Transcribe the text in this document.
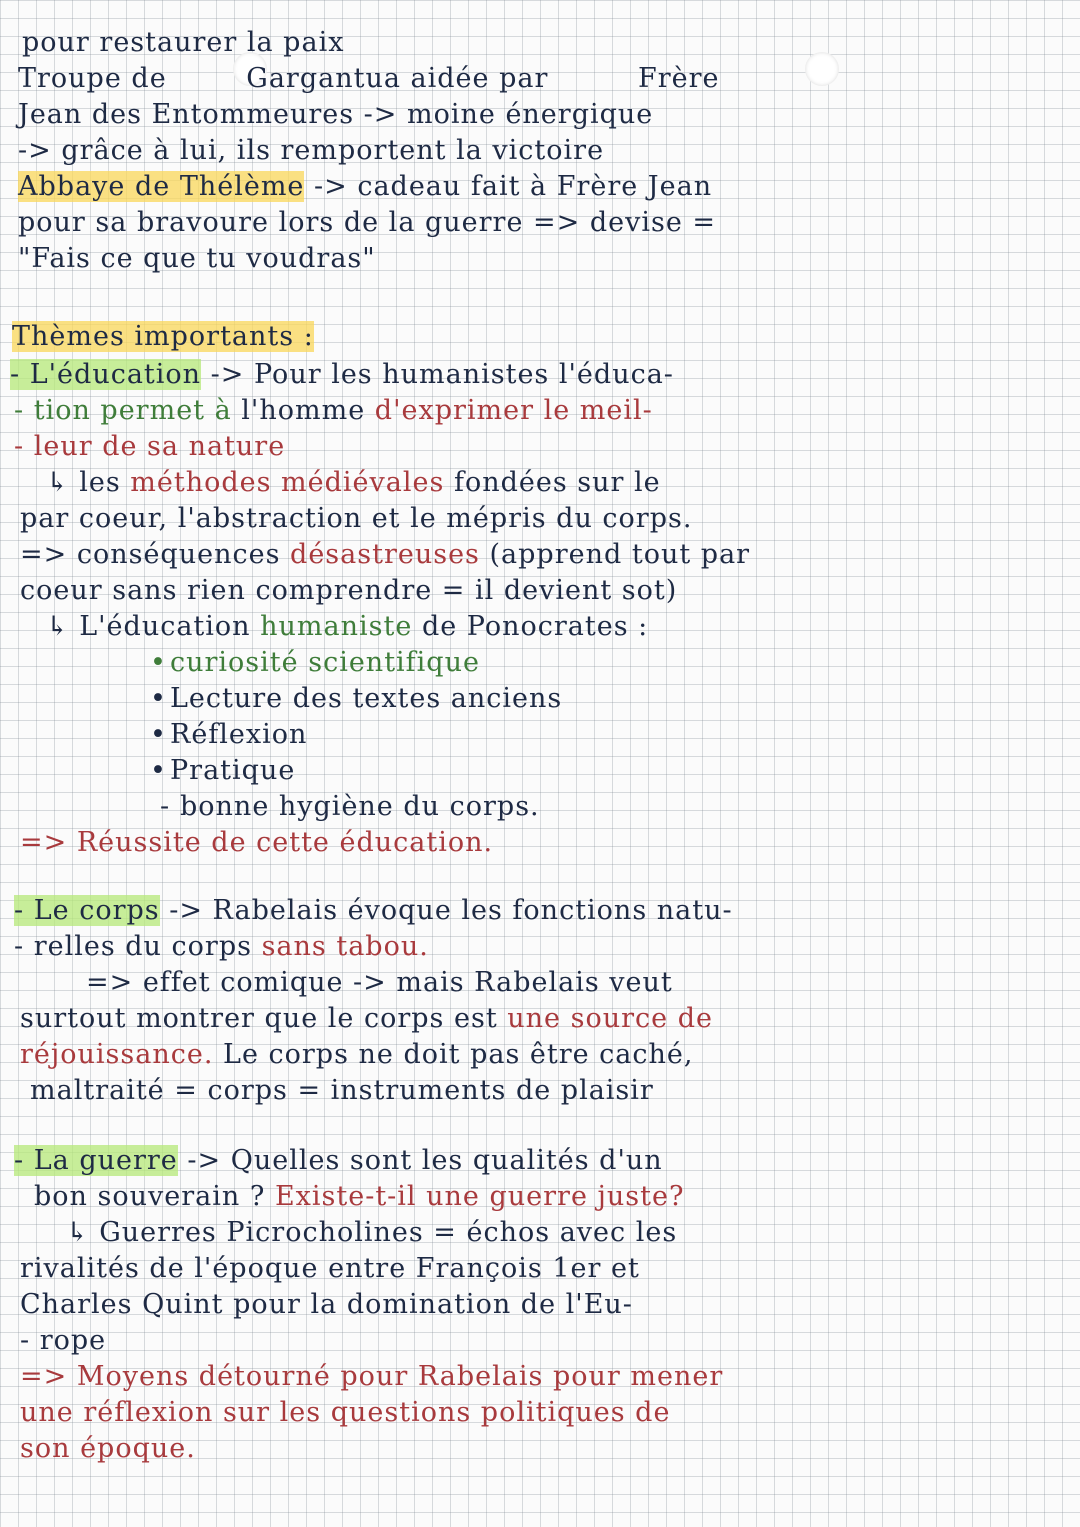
pour restaurer la paix
Troupe de	Gargantua aidée par	Frère
Jean des Entommeures -> moine énergique
-> grâce à lui, ils remportent la victoire
Abbaye de Thélème -> cadeau fait à Frère Jean
pour sa bravoure lors de la guerre => devise =
"Fais ce que tu voudras"
Thèmes importants :
- L'éducation -> Pour les humanistes l'éduca-
- tion permet à l'homme d'exprimer le meil-
- leur de sa nature
↳ les méthodes médiévales fondées sur le
par coeur, l'abstraction et le mépris du corps.
=> conséquences désastreuses (apprend tout par
coeur sans rien comprendre = il devient sot)
↳ L'éducation humaniste de Ponocrates :
• curiosité scientifique
• Lecture des textes anciens
• Réflexion
• Pratique
- bonne hygiène du corps.
=> Réussite de cette éducation.
- Le corps -> Rabelais évoque les fonctions natu-
- relles du corps sans tabou.
=> effet comique -> mais Rabelais veut
surtout montrer que le corps est une source de
réjouissance. Le corps ne doit pas être caché,
maltraité = corps = instruments de plaisir
- La guerre -> Quelles sont les qualités d'un
bon souverain ? Existe-t-il une guerre juste?
↳ Guerres Picrocholines = échos avec les
rivalités de l'époque entre François 1er et
Charles Quint pour la domination de l'Eu-
- rope
=> Moyens détourné pour Rabelais pour mener
une réflexion sur les questions politiques de
son époque.
